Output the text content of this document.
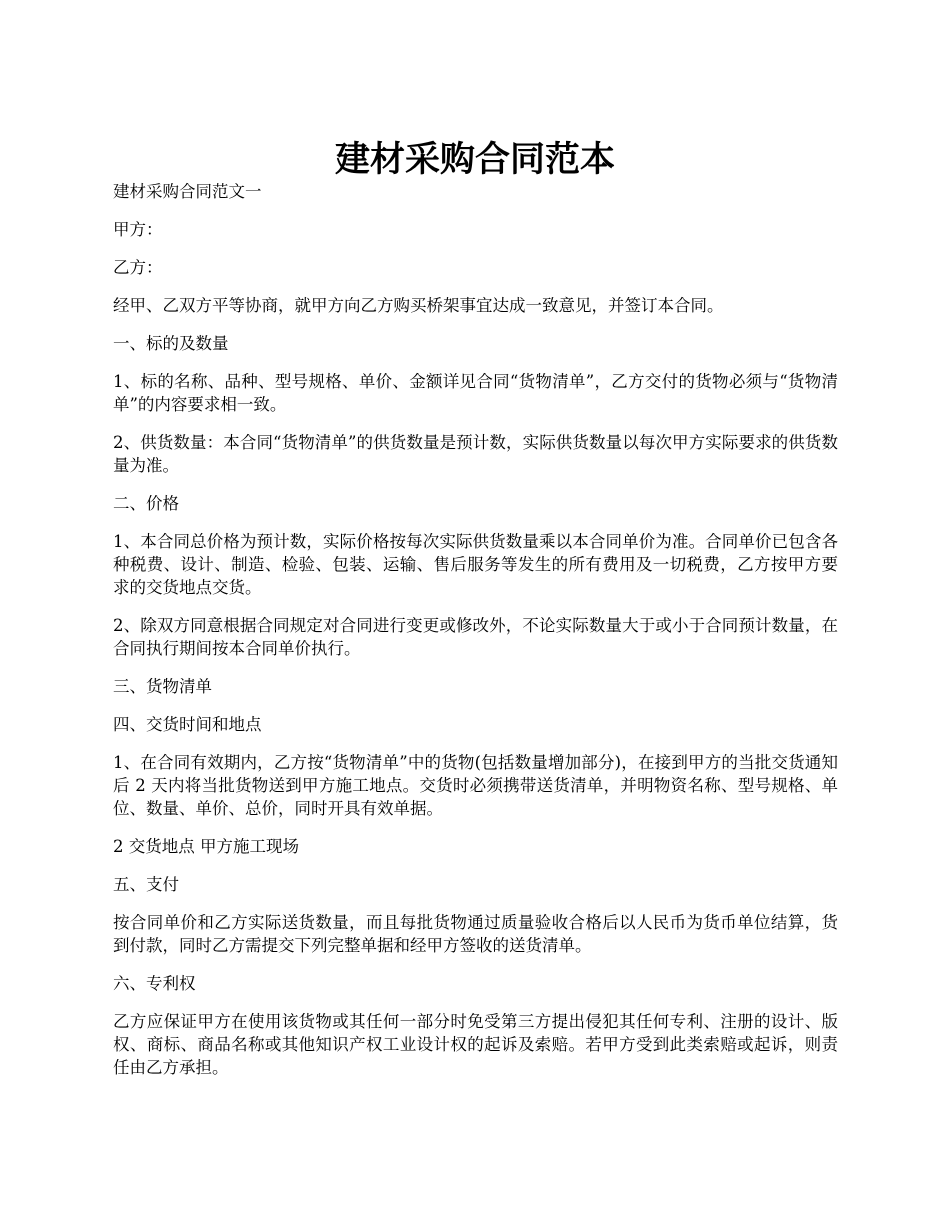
建材采购合同范本

建材采购合同范文一

甲方：

乙方：

经甲、乙双方平等协商，就甲方向乙方购买桥架事宜达成一致意见，并签订本合同。

一、标的及数量

1、标的名称、品种、型号规格、单价、金额详见合同“货物清单”，乙方交付的货物必须与“货物清单”的内容要求相一致。

2、供货数量：本合同“货物清单”的供货数量是预计数，实际供货数量以每次甲方实际要求的供货数量为准。

二、价格

1、本合同总价格为预计数，实际价格按每次实际供货数量乘以本合同单价为准。合同单价已包含各种税费、设计、制造、检验、包装、运输、售后服务等发生的所有费用及一切税费，乙方按甲方要求的交货地点交货。

2、除双方同意根据合同规定对合同进行变更或修改外，不论实际数量大于或小于合同预计数量，在合同执行期间按本合同单价执行。

三、货物清单

四、交货时间和地点

1、在合同有效期内，乙方按“货物清单”中的货物(包括数量增加部分)，在接到甲方的当批交货通知后 2 天内将当批货物送到甲方施工地点。交货时必须携带送货清单，并明物资名称、型号规格、单位、数量、单价、总价，同时开具有效单据。

2 交货地点 甲方施工现场

五、支付

按合同单价和乙方实际送货数量，而且每批货物通过质量验收合格后以人民币为货币单位结算，货到付款，同时乙方需提交下列完整单据和经甲方签收的送货清单。

六、专利权

乙方应保证甲方在使用该货物或其任何一部分时免受第三方提出侵犯其任何专利、注册的设计、版权、商标、商品名称或其他知识产权工业设计权的起诉及索赔。若甲方受到此类索赔或起诉，则责任由乙方承担。
